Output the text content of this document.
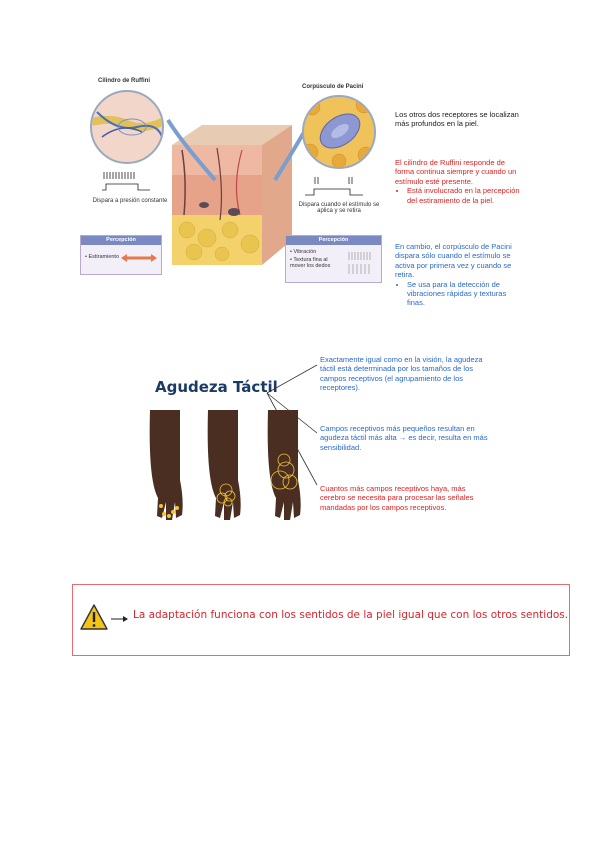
Cilindro de Ruffini
Dispara a presión constante
Percepción
• Estiramiento
Corpúsculo de Pacini
Dispara cuando el estímulo se aplica y se retira
Percepción
• Vibración
• Textura fina al mover los dedos
Los otros dos receptores se localizan más profundos en la piel.
El cilindro de Ruffini responde de forma continua siempre y cuando un estímulo esté presente.
• Está involucrado en la percepción del estiramiento de la piel.
En cambio, el corpúsculo de Pacini dispara sólo cuando el estímulo se activa por primera vez y cuando se retira.
• Se usa para la detección de vibraciones rápidas y texturas finas.
Agudeza Táctil
Exactamente igual como en la visión, la agudeza táctil está determinada por los tamaños de los campos receptivos (el agrupamiento de los receptores).
Campos receptivos más pequeños resultan en agudeza táctil más alta → es decir, resulta en más sensibilidad.
Cuantos más campos receptivos haya, más cerebro se necesita para procesar las señales mandadas por los campos receptivos.
La adaptación funciona con los sentidos de la piel igual que con los otros sentidos.
